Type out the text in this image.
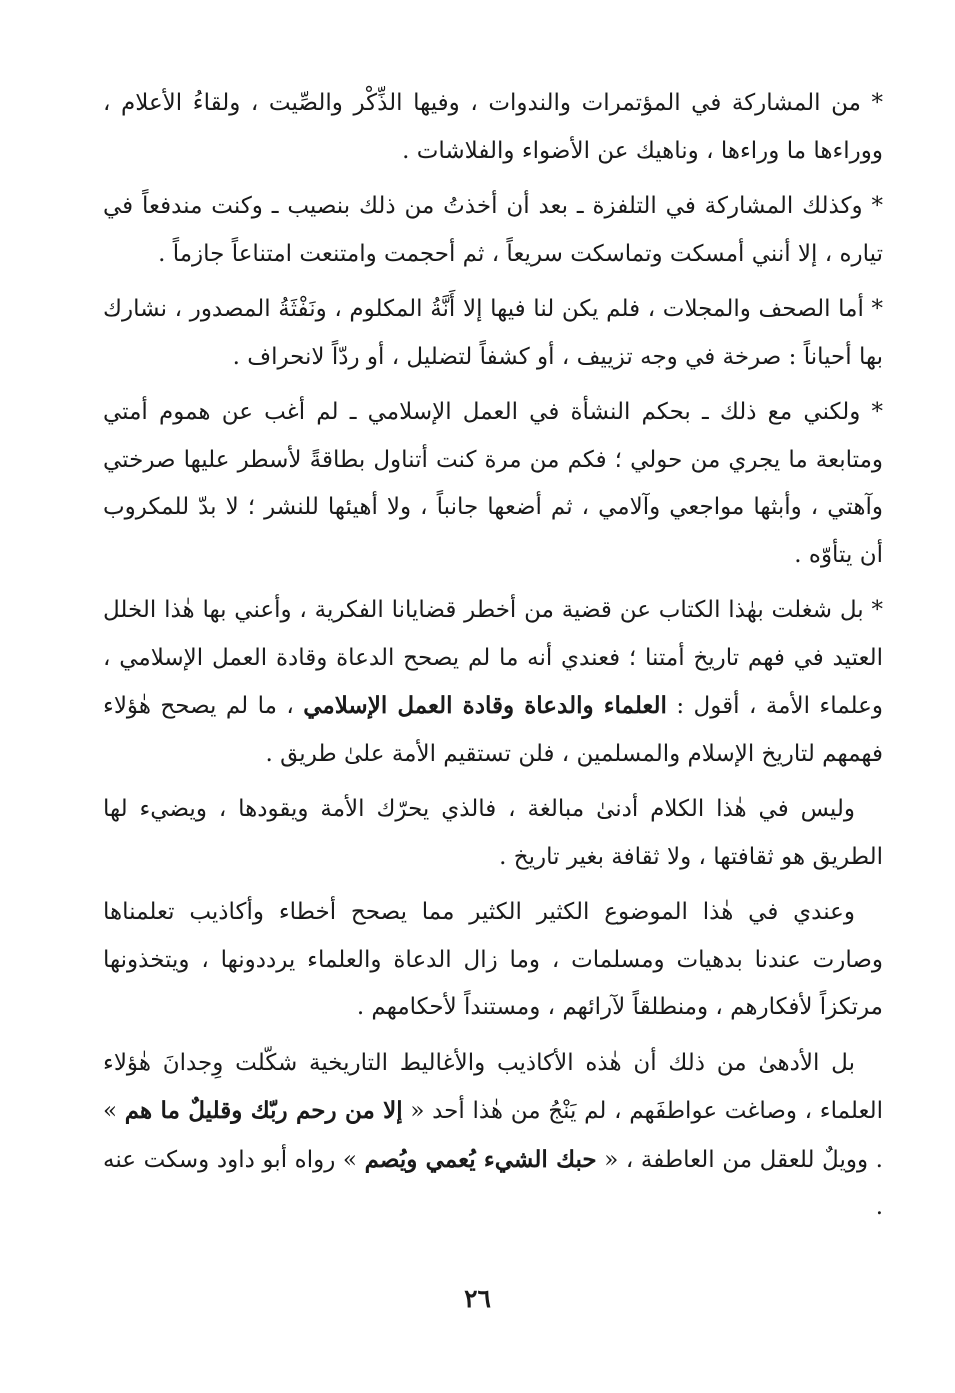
* من المشاركة في المؤتمرات والندوات ، وفيها الذِّكْر والصِّيت ، ولقاءُ الأعلام ، ووراءها ما وراءها ، وناهيك عن الأضواء والفلاشات .

* وكذلك المشاركة في التلفزة ـ بعد أن أخذتُ من ذلك بنصيب ـ وكنت مندفعاً في تياره ، إلا أنني أمسكت وتماسكت سريعاً ، ثم أحجمت وامتنعت امتناعاً جازماً .

* أما الصحف والمجلات ، فلم يكن لنا فيها إلا أَنَّةُ المكلوم ، ونَفْثَةُ المصدور ، نشارك بها أحياناً : صرخة في وجه تزييف ، أو كشفاً لتضليل ، أو ردّاً لانحراف .

* ولكني مع ذلك ـ بحكم النشأة في العمل الإسلامي ـ لم أغب عن هموم أمتي ومتابعة ما يجري من حولي ؛ فكم من مرة كنت أتناول بطاقةً لأسطر عليها صرختي وآهتي ، وأبثها مواجعي وآلامي ، ثم أضعها جانباً ، ولا أهيئها للنشر ؛ لا بدّ للمكروب أن يتأوّه .

* بل شغلت بهٰذا الكتاب عن قضية من أخطر قضايانا الفكرية ، وأعني بها هٰذا الخلل العتيد في فهم تاريخ أمتنا ؛ فعندي أنه ما لم يصحح الدعاة وقادة العمل الإسلامي ، وعلماء الأمة ، أقول : العلماء والدعاة وقادة العمل الإسلامي ، ما لم يصحح هٰؤلاء فهمهم لتاريخ الإسلام والمسلمين ، فلن تستقيم الأمة علىٰ طريق .

وليس في هٰذا الكلام أدنىٰ مبالغة ، فالذي يحرّك الأمة ويقودها ، ويضيء لها الطريق هو ثقافتها ، ولا ثقافة بغير تاريخ .

وعندي في هٰذا الموضوع الكثير الكثير مما يصحح أخطاء وأكاذيب تعلمناها وصارت عندنا بدهيات ومسلمات ، وما زال الدعاة والعلماء يرددونها ، ويتخذونها مرتكزاً لأفكارهم ، ومنطلقاً لآرائهم ، ومستنداً لأحكامهم .

بل الأدهىٰ من ذلك أن هٰذه الأكاذيب والأغاليط التاريخية شكّلت وِجدانَ هٰؤلاء العلماء ، وصاغت عواطفَهم ، لم يَنْجُ من هٰذا أحد « إلا من رحم ربّك وقليلٌ ما هم » . وويلٌ للعقل من العاطفة ، « حبك الشيء يُعمي ويُصم » رواه أبو داود وسكت عنه .

٢٦
